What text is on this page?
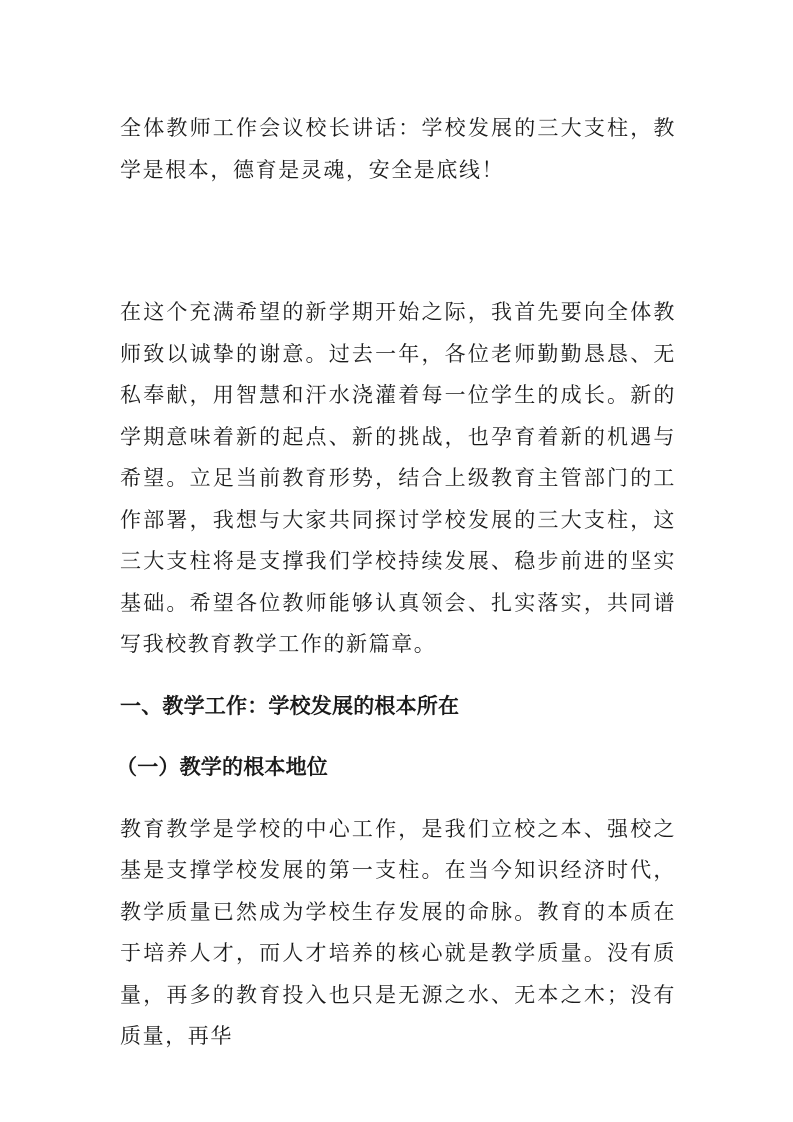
全体教师工作会议校长讲话：学校发展的三大支柱，教学是根本，德育是灵魂，安全是底线！

在这个充满希望的新学期开始之际，我首先要向全体教师致以诚挚的谢意。过去一年，各位老师勤勤恳恳、无私奉献，用智慧和汗水浇灌着每一位学生的成长。新的学期意味着新的起点、新的挑战，也孕育着新的机遇与希望。立足当前教育形势，结合上级教育主管部门的工作部署，我想与大家共同探讨学校发展的三大支柱，这三大支柱将是支撑我们学校持续发展、稳步前进的坚实基础。希望各位教师能够认真领会、扎实落实，共同谱写我校教育教学工作的新篇章。

一、教学工作：学校发展的根本所在

（一）教学的根本地位

教育教学是学校的中心工作，是我们立校之本、强校之基是支撑学校发展的第一支柱。在当今知识经济时代，教学质量已然成为学校生存发展的命脉。教育的本质在于培养人才，而人才培养的核心就是教学质量。没有质量，再多的教育投入也只是无源之水、无本之木；没有质量，再华
